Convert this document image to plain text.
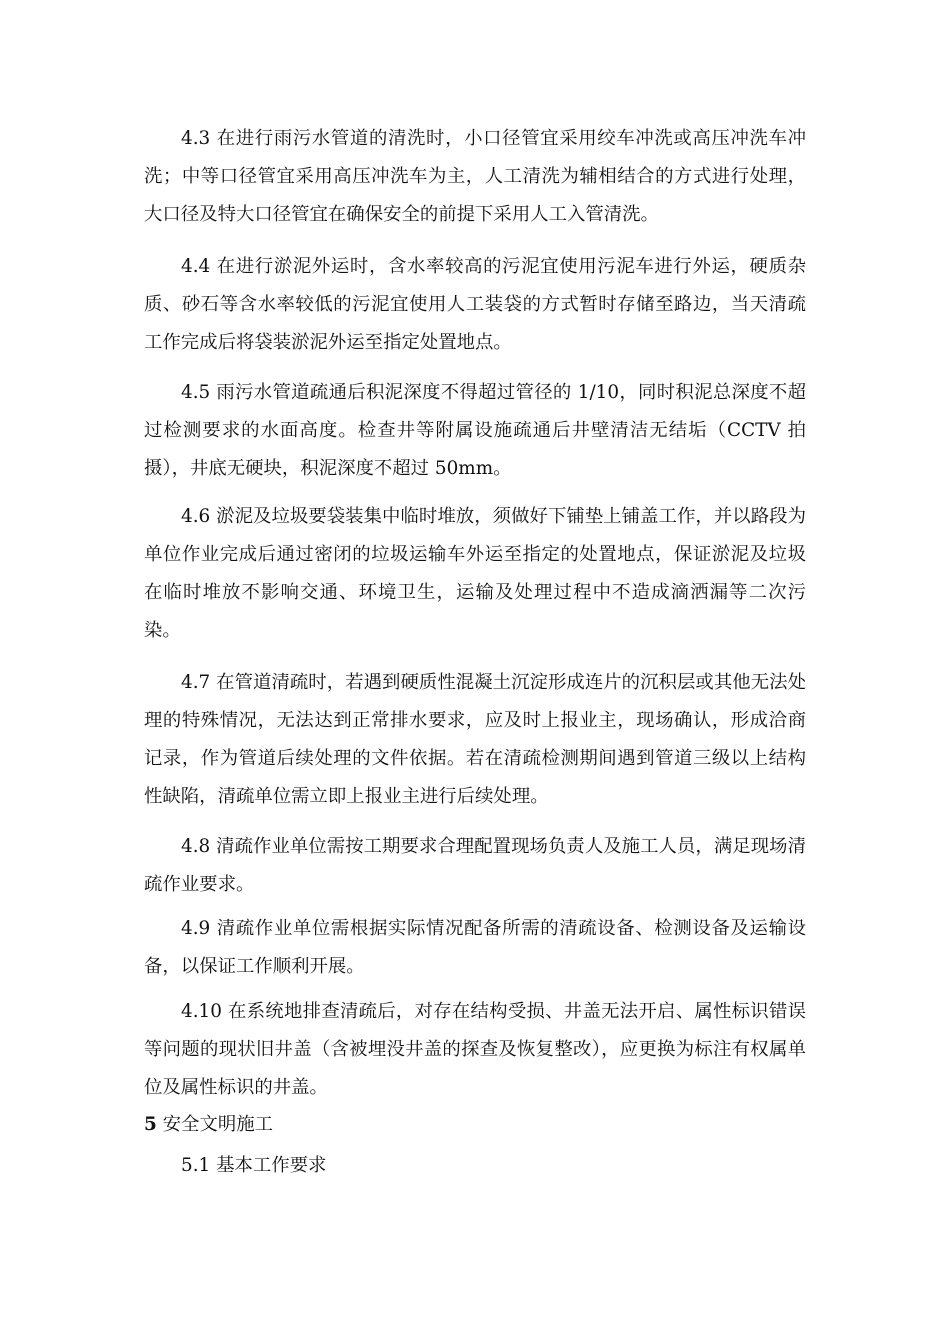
4.3 在进行雨污水管道的清洗时，小口径管宜采用绞车冲洗或高压冲洗车冲洗；中等口径管宜采用高压冲洗车为主，人工清洗为辅相结合的方式进行处理，大口径及特大口径管宜在确保安全的前提下采用人工入管清洗。

4.4 在进行淤泥外运时，含水率较高的污泥宜使用污泥车进行外运，硬质杂质、砂石等含水率较低的污泥宜使用人工装袋的方式暂时存储至路边，当天清疏工作完成后将袋装淤泥外运至指定处置地点。

4.5 雨污水管道疏通后积泥深度不得超过管径的 1/10，同时积泥总深度不超过检测要求的水面高度。检查井等附属设施疏通后井壁清洁无结垢（CCTV 拍摄），井底无硬块，积泥深度不超过 50mm。

4.6 淤泥及垃圾要袋装集中临时堆放，须做好下铺垫上铺盖工作，并以路段为单位作业完成后通过密闭的垃圾运输车外运至指定的处置地点，保证淤泥及垃圾在临时堆放不影响交通、环境卫生，运输及处理过程中不造成滴洒漏等二次污染。

4.7 在管道清疏时，若遇到硬质性混凝土沉淀形成连片的沉积层或其他无法处理的特殊情况，无法达到正常排水要求，应及时上报业主，现场确认，形成洽商记录，作为管道后续处理的文件依据。若在清疏检测期间遇到管道三级以上结构性缺陷，清疏单位需立即上报业主进行后续处理。

4.8 清疏作业单位需按工期要求合理配置现场负责人及施工人员，满足现场清疏作业要求。

4.9 清疏作业单位需根据实际情况配备所需的清疏设备、检测设备及运输设备，以保证工作顺利开展。

4.10 在系统地排查清疏后，对存在结构受损、井盖无法开启、属性标识错误等问题的现状旧井盖（含被埋没井盖的探查及恢复整改），应更换为标注有权属单位及属性标识的井盖。

5 安全文明施工

5.1 基本工作要求
